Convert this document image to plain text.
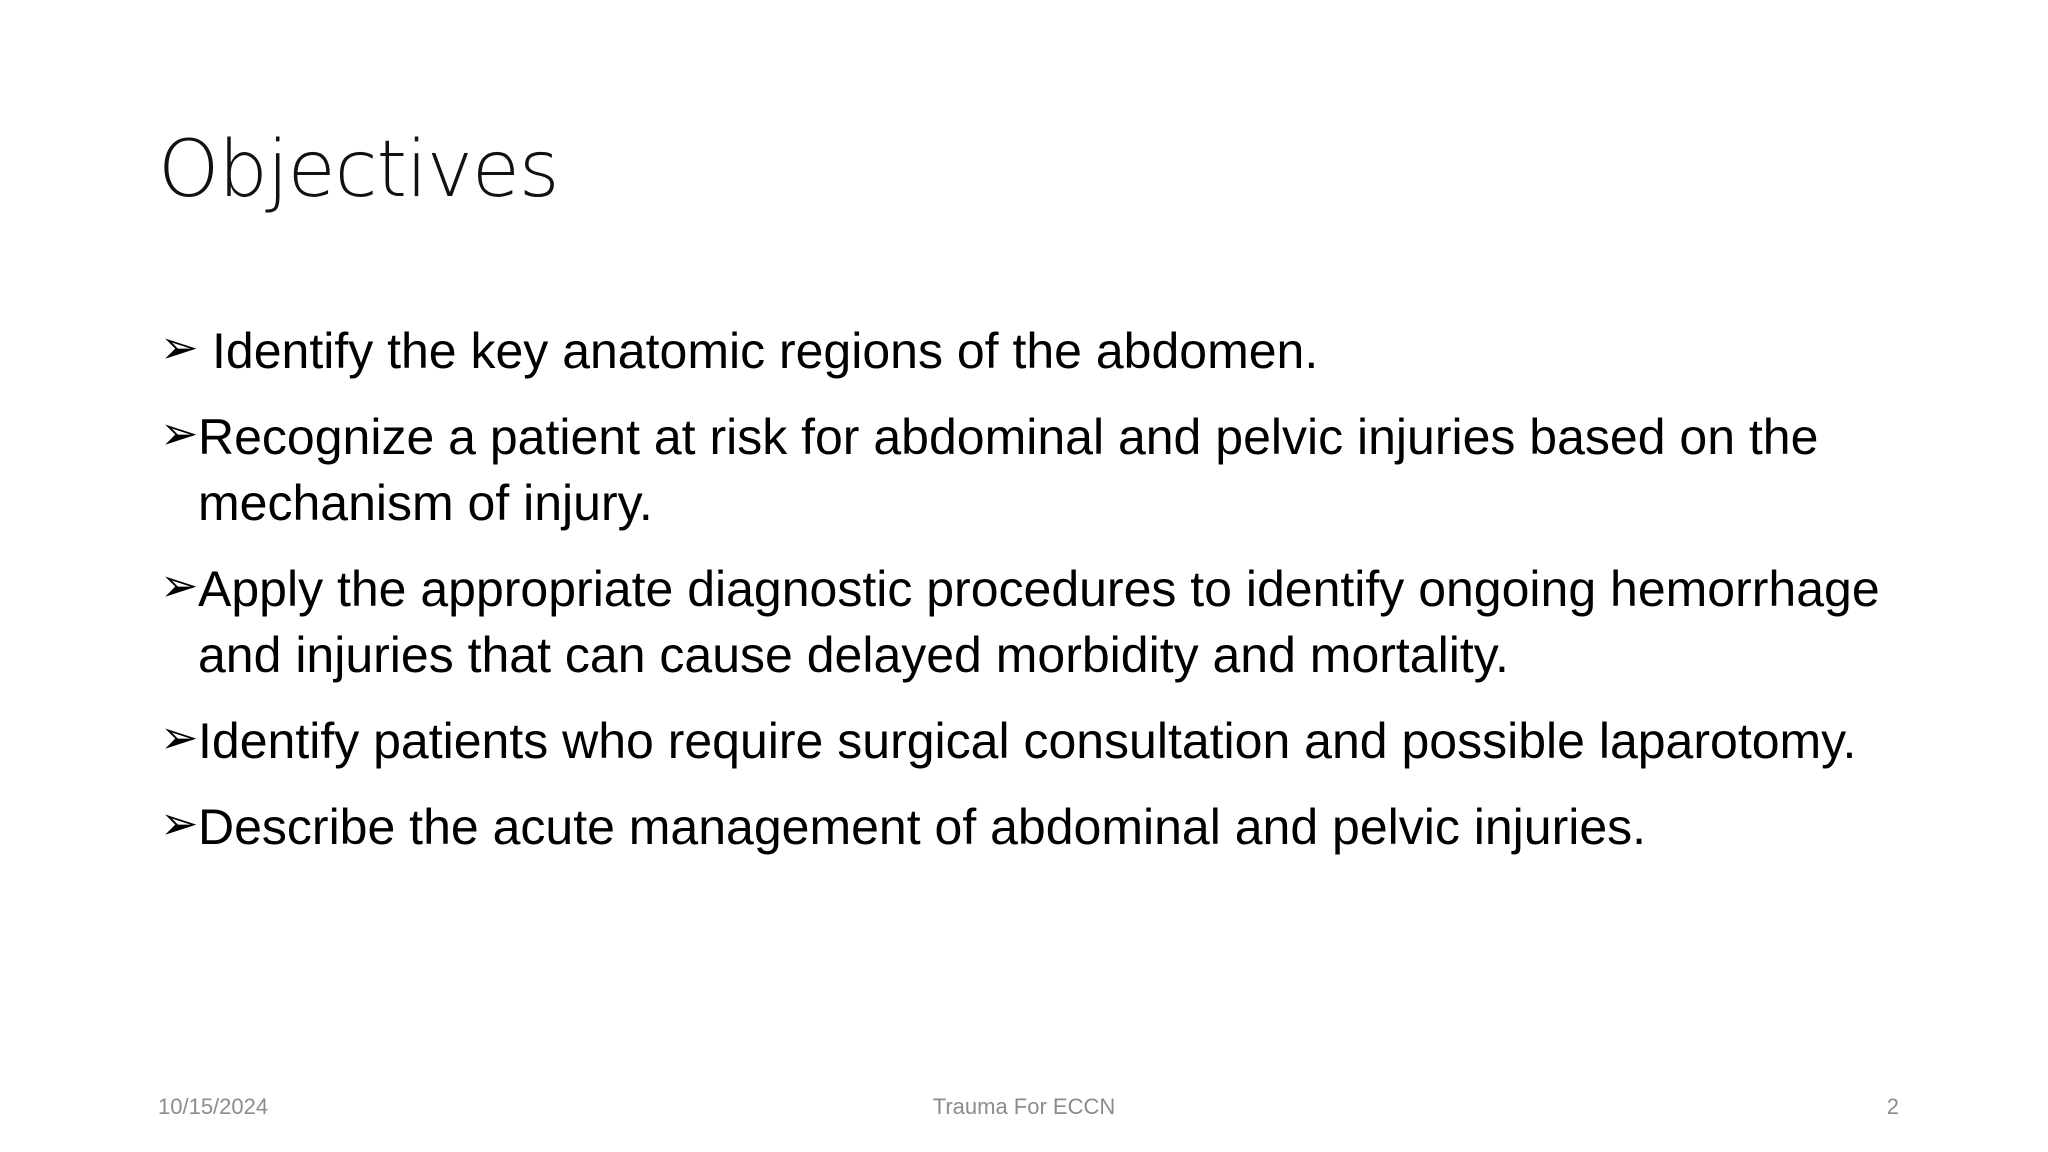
Objectives
➢ Identify the key anatomic regions of the abdomen.
➢ Recognize a patient at risk for abdominal and pelvic injuries based on the mechanism of injury.
➢ Apply the appropriate diagnostic procedures to identify ongoing hemorrhage and injuries that can cause delayed morbidity and mortality.
➢ Identify patients who require surgical consultation and possible laparotomy.
➢ Describe the acute management of abdominal and pelvic injuries.
10/15/2024	Trauma For ECCN	2
